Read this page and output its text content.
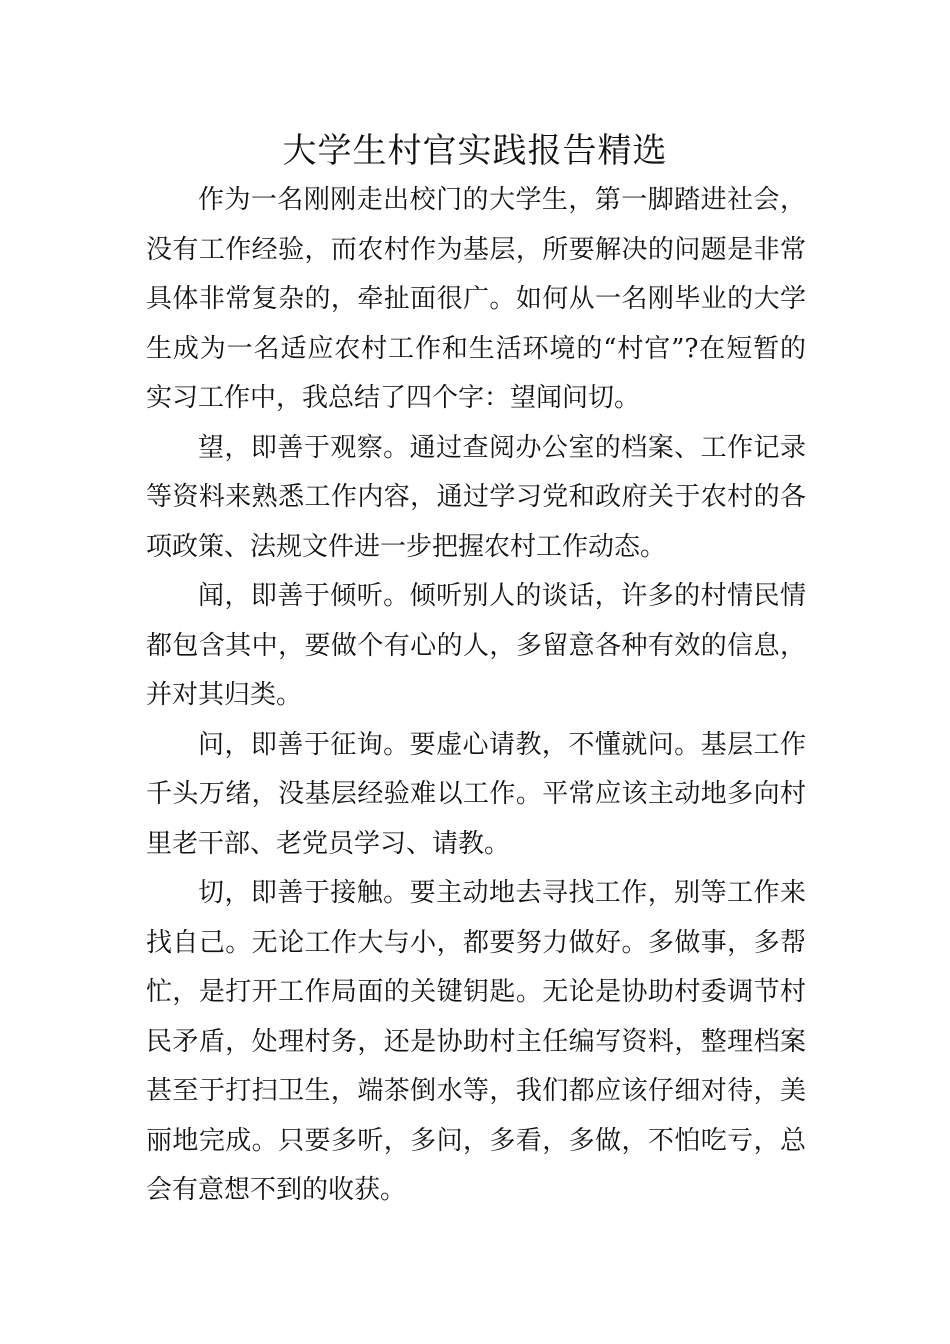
大学生村官实践报告精选

作为一名刚刚走出校门的大学生，第一脚踏进社会，没有工作经验，而农村作为基层，所要解决的问题是非常具体非常复杂的，牵扯面很广。如何从一名刚毕业的大学生成为一名适应农村工作和生活环境的“村官”?在短暂的实习工作中，我总结了四个字：望闻问切。

望，即善于观察。通过查阅办公室的档案、工作记录等资料来熟悉工作内容，通过学习党和政府关于农村的各项政策、法规文件进一步把握农村工作动态。

闻，即善于倾听。倾听别人的谈话，许多的村情民情都包含其中，要做个有心的人，多留意各种有效的信息，并对其归类。

问，即善于征询。要虚心请教，不懂就问。基层工作千头万绪，没基层经验难以工作。平常应该主动地多向村里老干部、老党员学习、请教。

切，即善于接触。要主动地去寻找工作，别等工作来找自己。无论工作大与小，都要努力做好。多做事，多帮忙，是打开工作局面的关键钥匙。无论是协助村委调节村民矛盾，处理村务，还是协助村主任编写资料，整理档案甚至于打扫卫生，端茶倒水等，我们都应该仔细对待，美丽地完成。只要多听，多问，多看，多做，不怕吃亏，总会有意想不到的收获。
